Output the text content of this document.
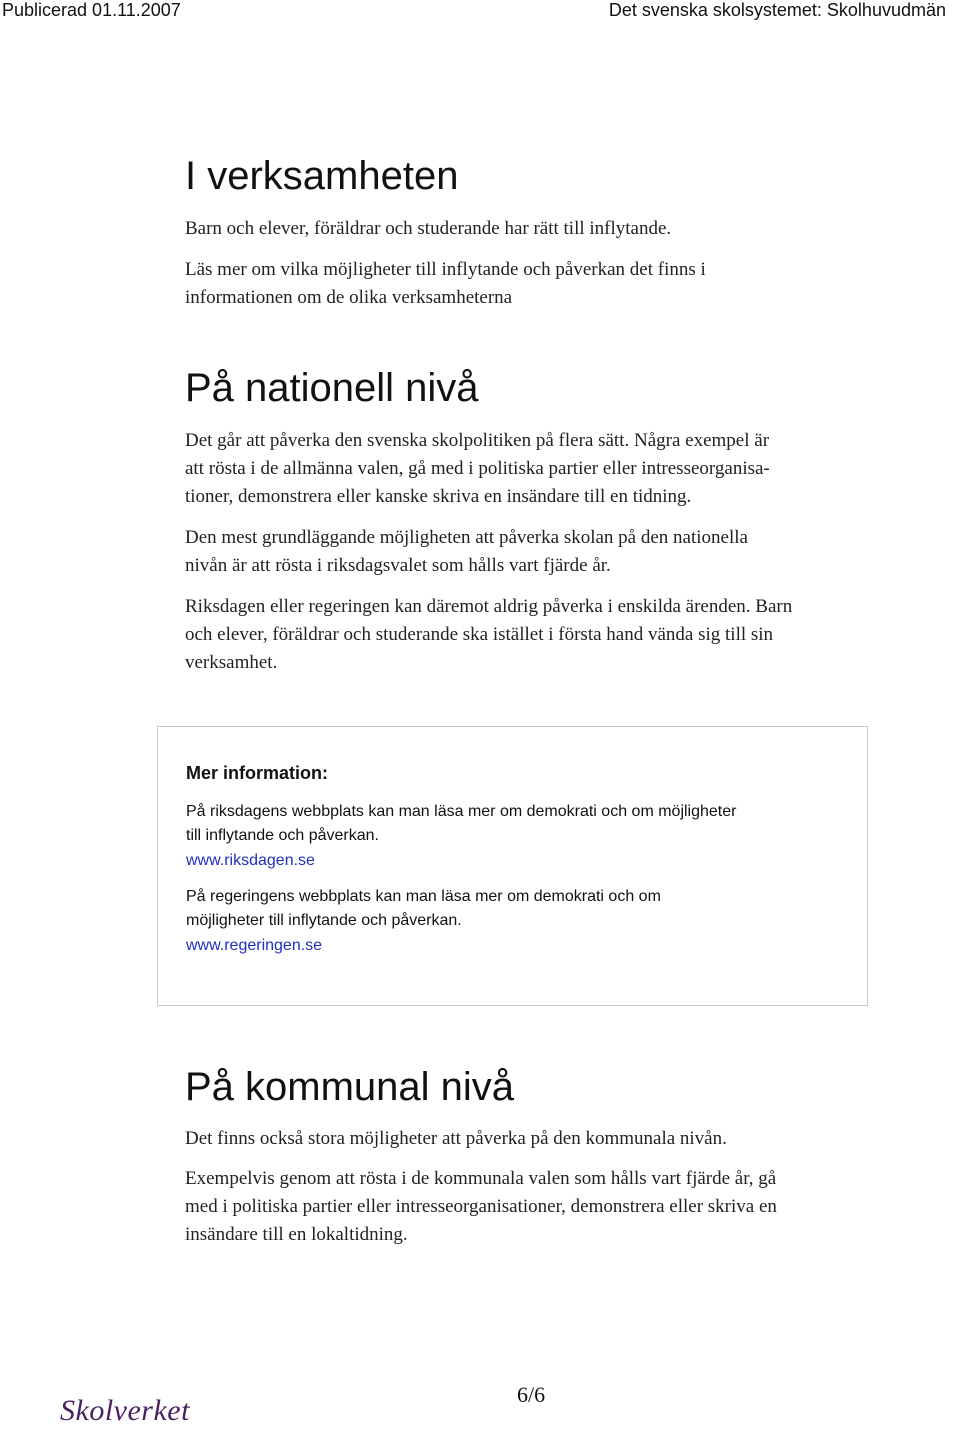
Publicerad 01.11.2007	Det svenska skolsystemet: Skolhuvudmän
I verksamheten

Barn och elever, föräldrar och studerande har rätt till inflytande.

Läs mer om vilka möjligheter till inflytande och påverkan det finns i
informationen om de olika verksamheterna

På nationell nivå

Det går att påverka den svenska skolpolitiken på flera sätt. Några exempel är
att rösta i de allmänna valen, gå med i politiska partier eller intresseorganisa-
tioner, demonstrera eller kanske skriva en insändare till en tidning.

Den mest grundläggande möjligheten att påverka skolan på den nationella
nivån är att rösta i riksdagsvalet som hålls vart fjärde år.

Riksdagen eller regeringen kan däremot aldrig påverka i enskilda ärenden. Barn
och elever, föräldrar och studerande ska istället i första hand vända sig till sin
verksamhet.

Mer information:

På riksdagens webbplats kan man läsa mer om demokrati och om möjligheter
till inflytande och påverkan.

www.riksdagen.se

På regeringens webbplats kan man läsa mer om demokrati och om
möjligheter till inflytande och påverkan.

www.regeringen.se
På kommunal nivå

Det finns också stora möjligheter att påverka på den kommunala nivån.

Exempelvis genom att rösta i de kommunala valen som hålls vart fjärde år, gå
med i politiska partier eller intresseorganisationer, demonstrera eller skriva en
insändare till en lokaltidning.

Skolverket	6/6
